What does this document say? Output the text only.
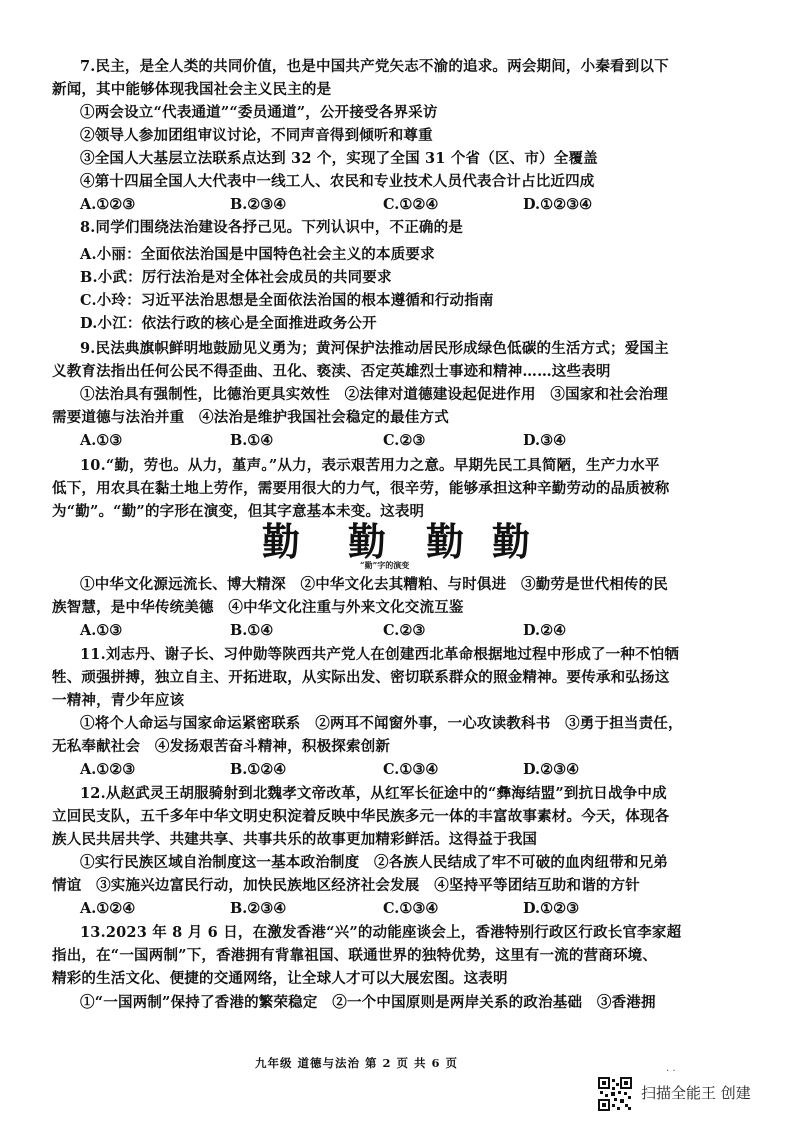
7.民主，是全人类的共同价值，也是中国共产党矢志不渝的追求。两会期间，小秦看到以下
新闻，其中能够体现我国社会主义民主的是
①两会设立“代表通道”“委员通道”，公开接受各界采访
②领导人参加团组审议讨论，不同声音得到倾听和尊重
③全国人大基层立法联系点达到 32 个，实现了全国 31 个省（区、市）全覆盖
④第十四届全国人大代表中一线工人、农民和专业技术人员代表合计占比近四成
A.①②③	B.②③④	C.①②④	D.①②③④
8.同学们围绕法治建设各抒己见。下列认识中，不正确的是
A.小丽：全面依法治国是中国特色社会主义的本质要求
B.小武：厉行法治是对全体社会成员的共同要求
C.小玲：习近平法治思想是全面依法治国的根本遵循和行动指南
D.小江：依法行政的核心是全面推进政务公开
9.民法典旗帜鲜明地鼓励见义勇为；黄河保护法推动居民形成绿色低碳的生活方式；爱国主
义教育法指出任何公民不得歪曲、丑化、亵渎、否定英雄烈士事迹和精神……这些表明
①法治具有强制性，比德治更具实效性　②法律对道德建设起促进作用　③国家和社会治理
需要道德与法治并重　④法治是维护我国社会稳定的最佳方式
A.①③	B.①④	C.②③	D.③④
10.“勤，劳也。从力，堇声。”从力，表示艰苦用力之意。早期先民工具简陋，生产力水平
低下，用农具在黏土地上劳作，需要用很大的力气，很辛劳，能够承担这种辛勤劳动的品质被称
为“勤”。“勤”的字形在演变，但其字意基本未变。这表明
勤 勤 勤 勤
“勤”字的演变
①中华文化源远流长、博大精深　②中华文化去其糟粕、与时俱进　③勤劳是世代相传的民
族智慧，是中华传统美德　④中华文化注重与外来文化交流互鉴
A.①③	B.①④	C.②③	D.②④
11.刘志丹、谢子长、习仲勋等陕西共产党人在创建西北革命根据地过程中形成了一种不怕牺
牲、顽强拼搏，独立自主、开拓进取，从实际出发、密切联系群众的照金精神。要传承和弘扬这
一精神，青少年应该
①将个人命运与国家命运紧密联系　②两耳不闻窗外事，一心攻读教科书　③勇于担当责任，
无私奉献社会　④发扬艰苦奋斗精神，积极探索创新
A.①②③	B.①②④	C.①③④	D.②③④
12.从赵武灵王胡服骑射到北魏孝文帝改革，从红军长征途中的“彝海结盟”到抗日战争中成
立回民支队，五千多年中华文明史积淀着反映中华民族多元一体的丰富故事素材。今天，体现各
族人民共居共学、共建共享、共事共乐的故事更加精彩鲜活。这得益于我国
①实行民族区域自治制度这一基本政治制度　②各族人民结成了牢不可破的血肉纽带和兄弟
情谊　③实施兴边富民行动，加快民族地区经济社会发展　④坚持平等团结互助和谐的方针
A.①②④	B.②③④	C.①③④	D.①②③
13.2023 年 8 月 6 日，在激发香港“兴”的动能座谈会上，香港特别行政区行政长官李家超
指出，在“一国两制”下，香港拥有背靠祖国、联通世界的独特优势，这里有一流的营商环境、
精彩的生活文化、便捷的交通网络，让全球人才可以大展宏图。这表明
①“一国两制”保持了香港的繁荣稳定　②一个中国原则是两岸关系的政治基础　③香港拥
九年级 道德与法治 第 2 页 共 6 页
· ·
扫描全能王 创建
